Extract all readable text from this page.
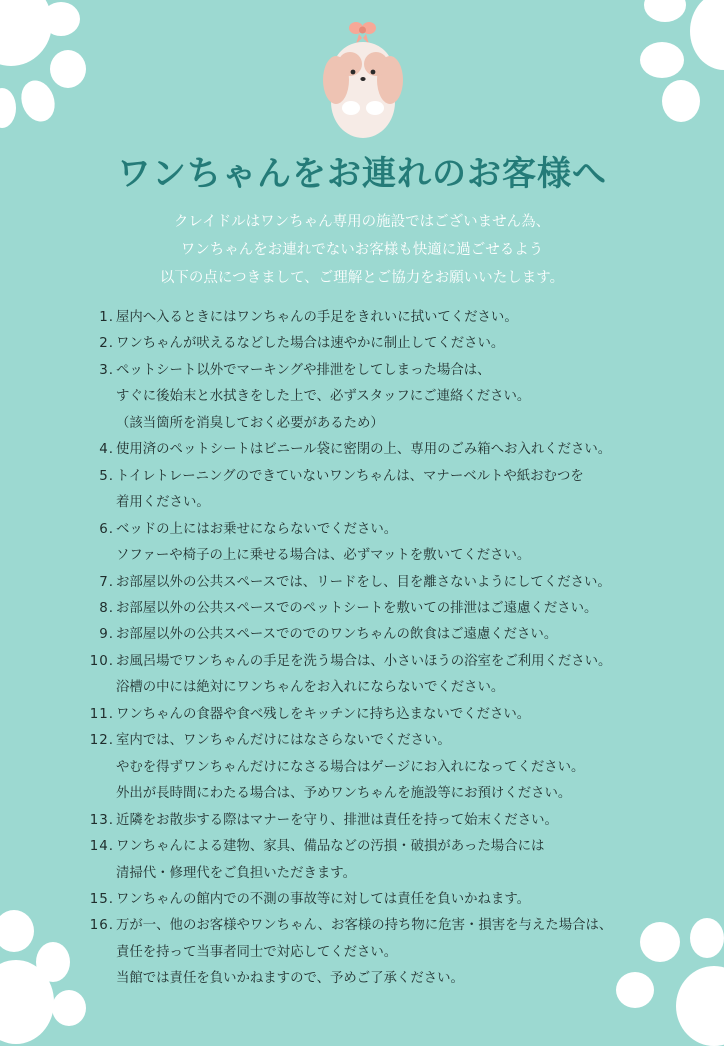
ワンちゃんをお連れのお客様へ
クレイドルはワンちゃん専用の施設ではございません為、
ワンちゃんをお連れでないお客様も快適に過ごせるよう
以下の点につきまして、ご理解とご協力をお願いいたします。
1. 屋内へ入るときにはワンちゃんの手足をきれいに拭いてください。
2. ワンちゃんが吠えるなどした場合は速やかに制止してください。
3. ペットシート以外でマーキングや排泄をしてしまった場合は、
すぐに後始末と水拭きをした上で、必ずスタッフにご連絡ください。
（該当箇所を消臭しておく必要があるため）
4. 使用済のペットシートはビニール袋に密閉の上、専用のごみ箱へお入れください。
5. トイレトレーニングのできていないワンちゃんは、マナーベルトや紙おむつを
着用ください。
6. ベッドの上にはお乗せにならないでください。
ソファーや椅子の上に乗せる場合は、必ずマットを敷いてください。
7. お部屋以外の公共スペースでは、リードをし、目を離さないようにしてください。
8. お部屋以外の公共スペースでのペットシートを敷いての排泄はご遠慮ください。
9. お部屋以外の公共スペースでのでのワンちゃんの飲食はご遠慮ください。
10. お風呂場でワンちゃんの手足を洗う場合は、小さいほうの浴室をご利用ください。
浴槽の中には絶対にワンちゃんをお入れにならないでください。
11. ワンちゃんの食器や食べ残しをキッチンに持ち込まないでください。
12. 室内では、ワンちゃんだけにはなさらないでください。
やむを得ずワンちゃんだけになさる場合はゲージにお入れになってください。
外出が長時間にわたる場合は、予めワンちゃんを施設等にお預けください。
13. 近隣をお散歩する際はマナーを守り、排泄は責任を持って始末ください。
14. ワンちゃんによる建物、家具、備品などの汚損・破損があった場合には
清掃代・修理代をご負担いただきます。
15. ワンちゃんの館内での不測の事故等に対しては責任を負いかねます。
16. 万が一、他のお客様やワンちゃん、お客様の持ち物に危害・損害を与えた場合は、
責任を持って当事者同士で対応してください。
当館では責任を負いかねますので、予めご了承ください。
